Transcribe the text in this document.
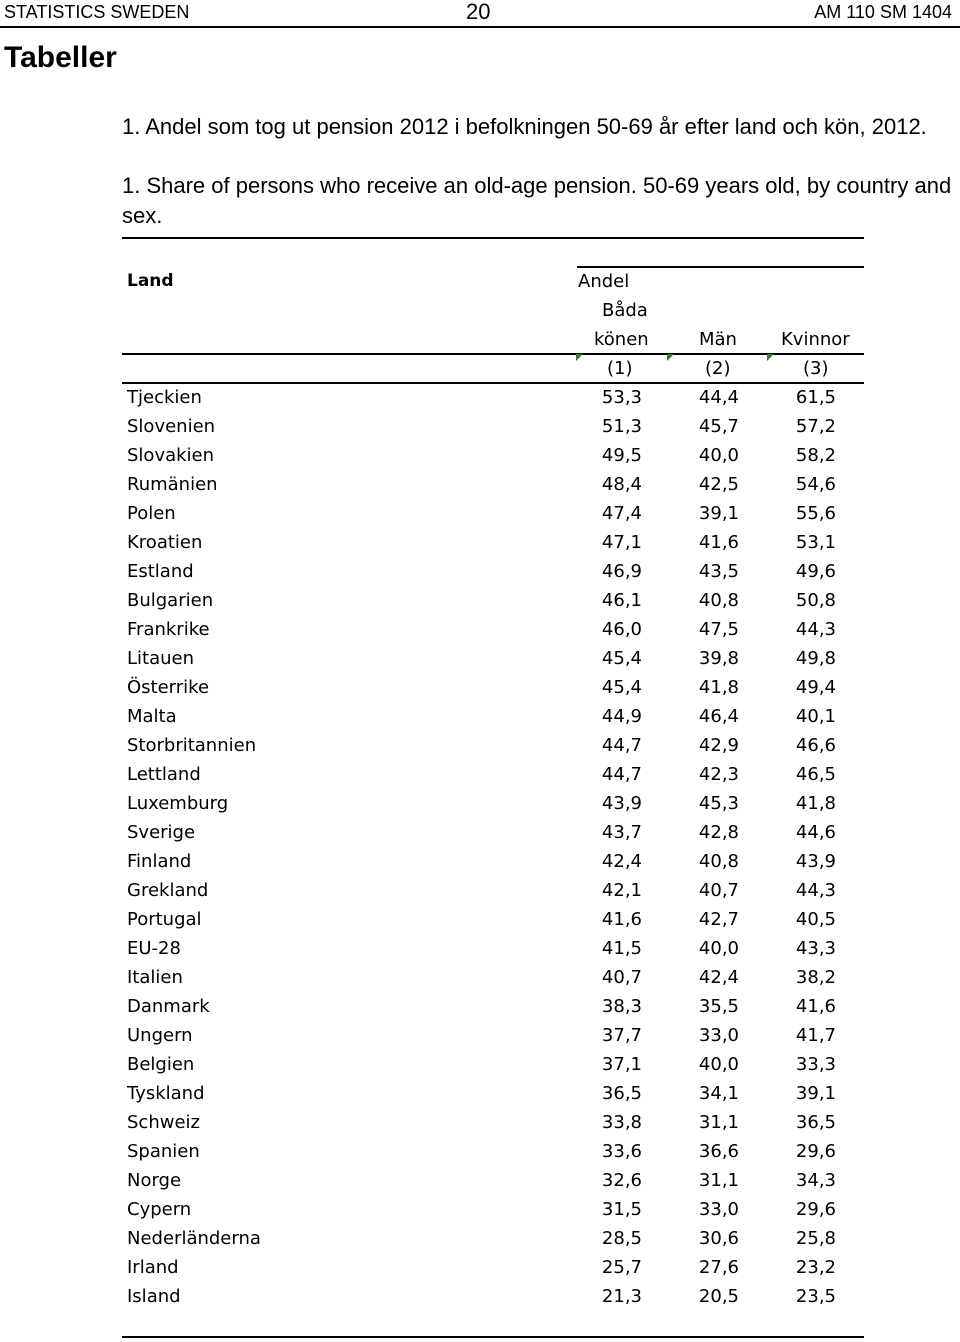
STATISTICS SWEDEN	20	AM 110 SM 1404
Tabeller
1. Andel som tog ut pension 2012 i befolkningen 50-69 år efter land och kön, 2012.
1. Share of persons who receive an old-age pension. 50-69 years old, by country and sex.
Land	Andel
Båda
könen	Män Kvinnor
(1)	(2)	(3)
Tjeckien	53,3	44,4	61,5
Slovenien	51,3	45,7	57,2
Slovakien	49,5	40,0	58,2
Rumänien	48,4	42,5	54,6
Polen	47,4	39,1	55,6
Kroatien	47,1	41,6	53,1
Estland	46,9	43,5	49,6
Bulgarien	46,1	40,8	50,8
Frankrike	46,0	47,5	44,3
Litauen	45,4	39,8	49,8
Österrike	45,4	41,8	49,4
Malta	44,9	46,4	40,1
Storbritannien	44,7	42,9	46,6
Lettland	44,7	42,3	46,5
Luxemburg	43,9	45,3	41,8
Sverige	43,7	42,8	44,6
Finland	42,4	40,8	43,9
Grekland	42,1	40,7	44,3
Portugal	41,6	42,7	40,5
EU-28	41,5	40,0	43,3
Italien	40,7	42,4	38,2
Danmark	38,3	35,5	41,6
Ungern	37,7	33,0	41,7
Belgien	37,1	40,0	33,3
Tyskland	36,5	34,1	39,1
Schweiz	33,8	31,1	36,5
Spanien	33,6	36,6	29,6
Norge	32,6	31,1	34,3
Cypern	31,5	33,0	29,6
Nederländerna	28,5	30,6	25,8
Irland	25,7	27,6	23,2
Island	21,3	20,5	23,5
